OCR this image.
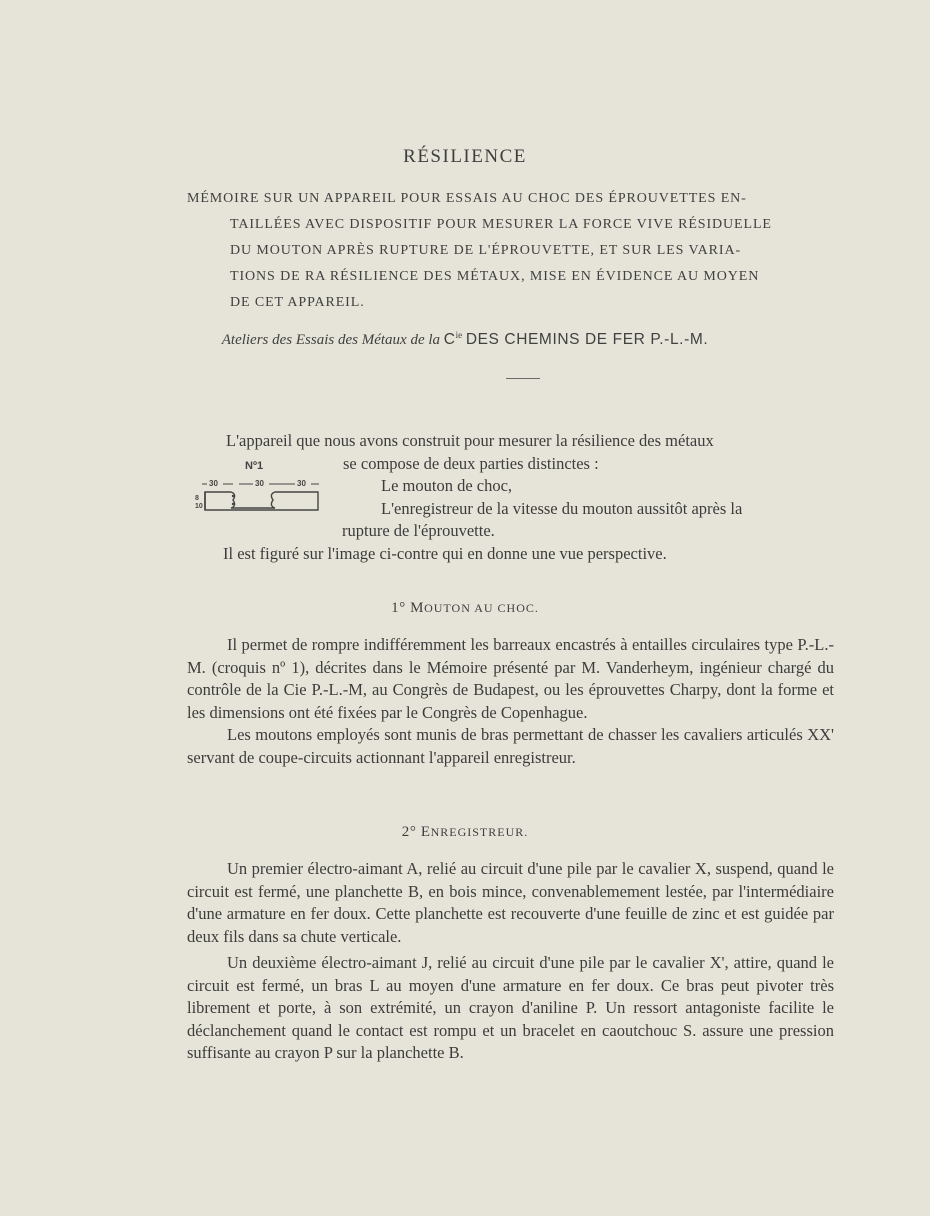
RÉSILIENCE
MÉMOIRE SUR UN APPAREIL POUR ESSAIS AU CHOC DES ÉPROUVETTES EN-
TAILLÉES AVEC DISPOSITIF POUR MESURER LA FORCE VIVE RÉSIDUELLE
DU MOUTON APRÈS RUPTURE DE L'ÉPROUVETTE, ET SUR LES VARIA-
TIONS DE RA RÉSILIENCE DES MÉTAUX, MISE EN ÉVIDENCE AU MOYEN
DE CET APPAREIL.
Ateliers des Essais des Métaux de la $C^{ie}$ DES CHEMINS DE FER P.-L.-M.
L'appareil que nous avons construit pour mesurer la résilience des métaux
se compose de deux parties distinctes :
Le mouton de choc,
L'enregistreur de la vitesse du mouton aussitôt après la
rupture de l'éprouvette.
Il est figuré sur l'image ci-contre qui en donne une vue perspective.
Nº1
30	30	30
8
10
1° MOUTON AU CHOC.

Il permet de rompre indifféremment les barreaux encastrés à entailles circulaires type P.-L.-M. (croquis nº 1), décrites dans le Mémoire présenté par M. Vanderheym, ingénieur chargé du contrôle de la Cie P.-L.-M, au Congrès de Budapest, ou les éprouvettes Charpy, dont la forme et les dimensions ont été fixées par le Congrès de Copenhague.

Les moutons employés sont munis de bras permettant de chasser les cavaliers articulés XX' servant de coupe-circuits actionnant l'appareil enregistreur.

2° ENREGISTREUR.

Un premier électro-aimant A, relié au circuit d'une pile par le cavalier X, suspend, quand le circuit est fermé, une planchette B, en bois mince, convenablemement lestée, par l'intermédiaire d'une armature en fer doux. Cette planchette est recouverte d'une feuille de zinc et est guidée par deux fils dans sa chute verticale.

Un deuxième électro-aimant J, relié au circuit d'une pile par le cavalier X', attire, quand le circuit est fermé, un bras L au moyen d'une armature en fer doux. Ce bras peut pivoter très librement et porte, à son extrémité, un crayon d'aniline P. Un ressort antagoniste facilite le déclanchement quand le contact est rompu et un bracelet en caoutchouc S. assure une pression suffisante au crayon P sur la planchette B.
